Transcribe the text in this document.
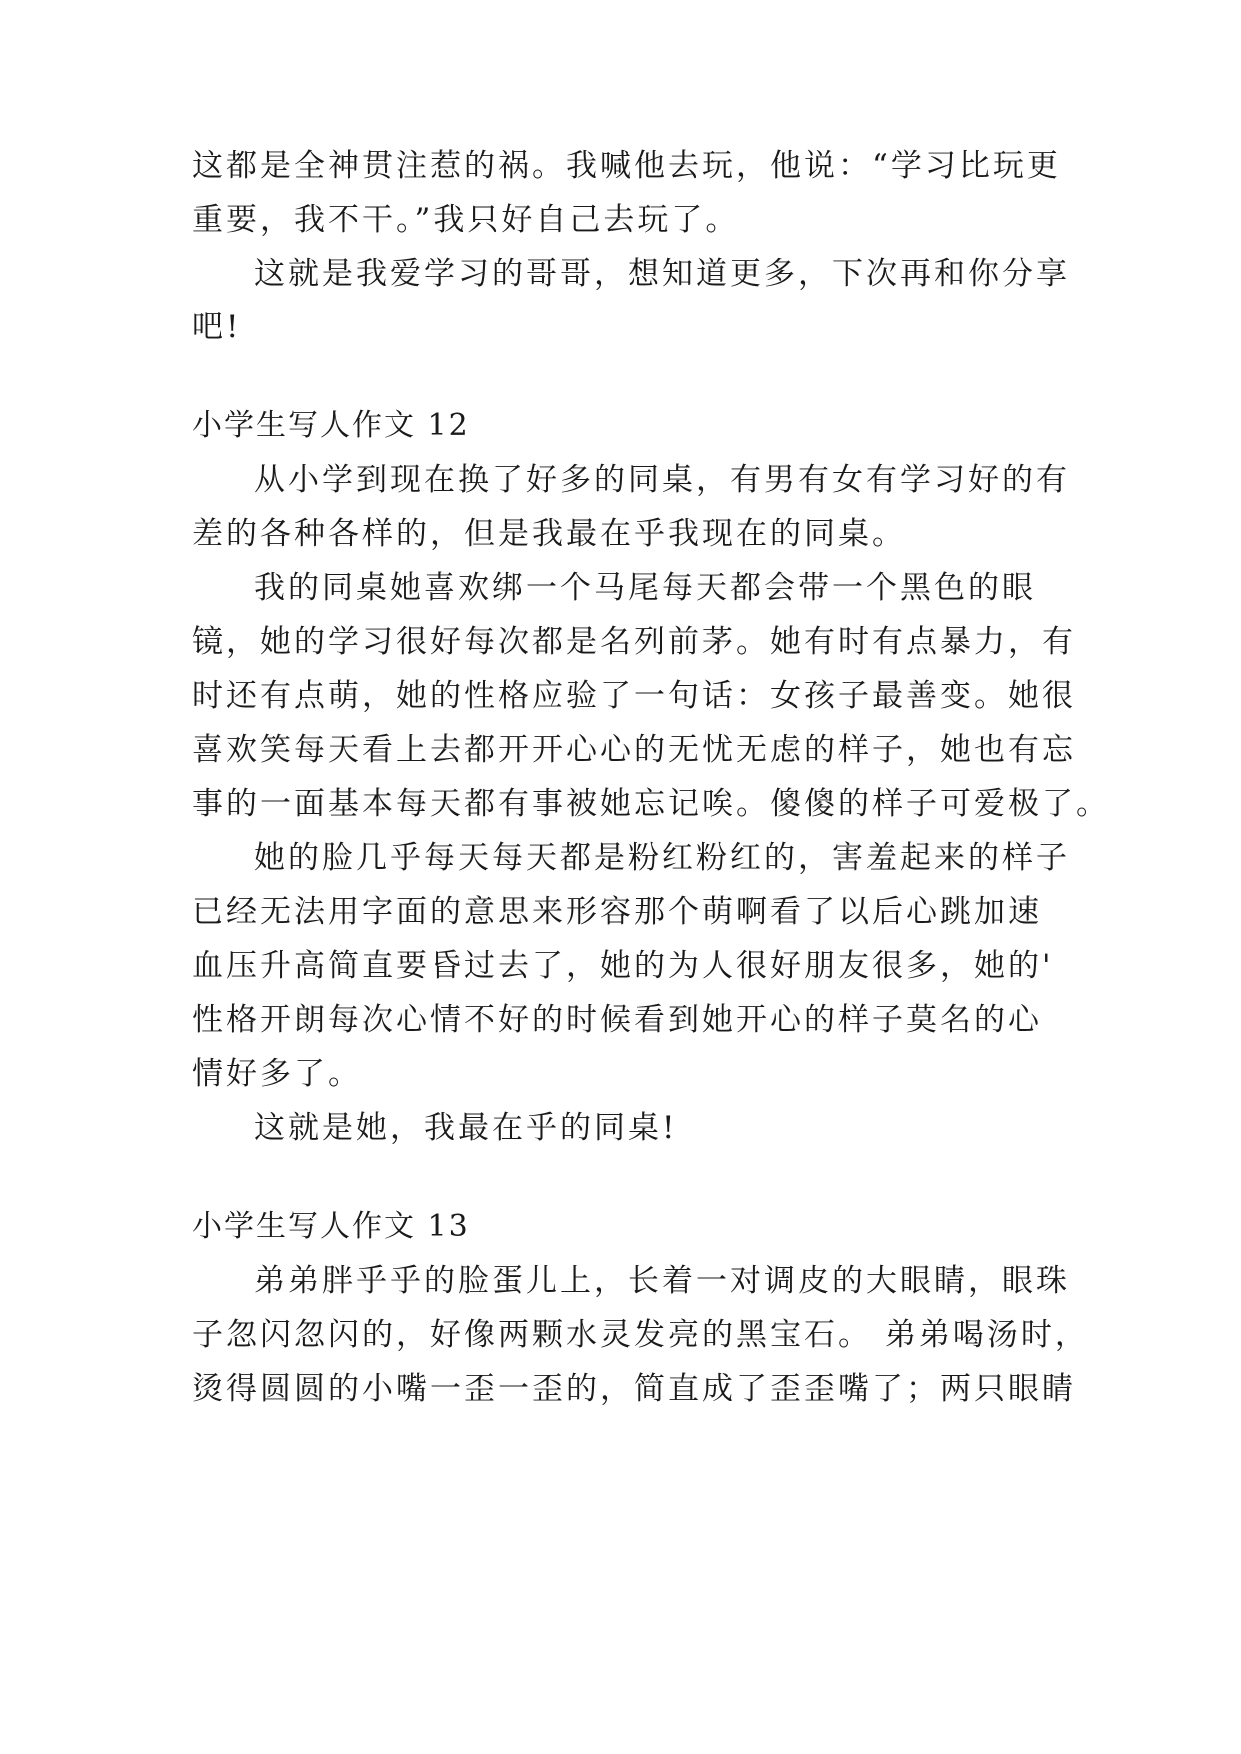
这都是全神贯注惹的祸。我喊他去玩，他说：“学习比玩更
重要，我不干。”我只好自己去玩了。
这就是我爱学习的哥哥，想知道更多，下次再和你分享
吧!
小学生写人作文 12
从小学到现在换了好多的同桌，有男有女有学习好的有
差的各种各样的，但是我最在乎我现在的同桌。
我的同桌她喜欢绑一个马尾每天都会带一个黑色的眼
镜，她的学习很好每次都是名列前茅。她有时有点暴力，有
时还有点萌，她的性格应验了一句话：女孩子最善变。她很
喜欢笑每天看上去都开开心心的无忧无虑的样子，她也有忘
事的一面基本每天都有事被她忘记唉。傻傻的样子可爱极了。
她的脸几乎每天每天都是粉红粉红的，害羞起来的样子
已经无法用字面的意思来形容那个萌啊看了以后心跳加速
血压升高简直要昏过去了，她的为人很好朋友很多，她的'
性格开朗每次心情不好的时候看到她开心的样子莫名的心
情好多了。
这就是她，我最在乎的同桌!
小学生写人作文 13
弟弟胖乎乎的脸蛋儿上，长着一对调皮的大眼睛，眼珠
子忽闪忽闪的，好像两颗水灵发亮的黑宝石。 弟弟喝汤时，
烫得圆圆的小嘴一歪一歪的，简直成了歪歪嘴了；两只眼睛
